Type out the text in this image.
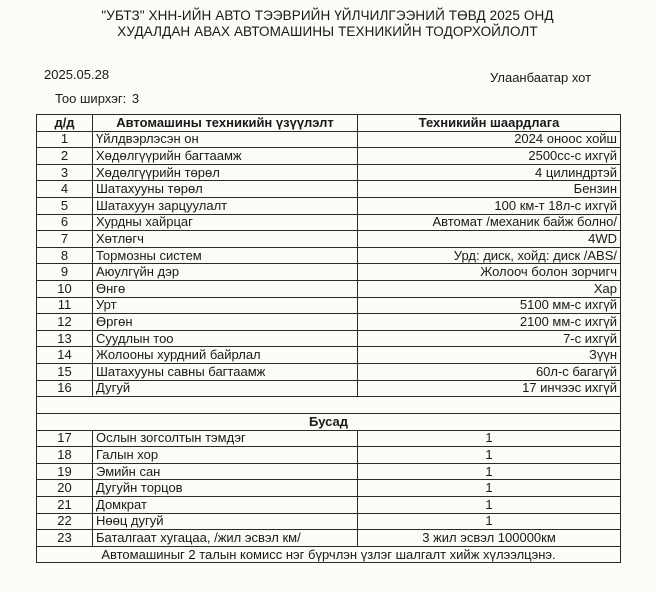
"УБТЗ" ХНН-ИЙН АВТО ТЭЭВРИЙН ҮЙЛЧИЛГЭЭНИЙ ТӨВД 2025 ОНД
ХУДАЛДАН АВАХ АВТОМАШИНЫ ТЕХНИКИЙН ТОДОРХОЙЛОЛТ
2025.05.28	Улаанбаатар хот
Тоо ширхэг: 3
д/д	Автомашины техникийн үзүүлэлт	Техникийн шаардлага
1	Үйлдвэрлэсэн он	2024 оноос хойш
2	Хөдөлгүүрийн багтаамж	2500сс-с ихгүй
3	Хөдөлгүүрийн төрөл	4 цилиндртэй
4	Шатахууны төрөл	Бензин
5	Шатахуун зарцуулалт	100 км-т 18л-с ихгүй
6	Хурдны хайрцаг	Автомат /механик байж болно/
7	Хөтлөгч	4WD
8	Тормозны систем	Урд: диск, хойд: диск /ABS/
9	Аюулгүйн дэр	Жолооч болон зорчигч
10	Өнгө	Хар
11	Урт	5100 мм-с ихгүй
12	Өргөн	2100 мм-с ихгүй
13	Суудлын тоо	7-с ихгүй
14	Жолооны хурдний байрлал	Зүүн
15	Шатахууны савны багтаамж	60л-с багагүй
16	Дугуй	17 инчээс ихгүй

Бусад		
17	Ослын зогсолтын тэмдэг	1
18	Галын хор	1
19	Эмийн сан	1
20	Дугуйн торцов	1
21	Домкрат	1
22	Нөөц дугуй	1
23	Баталгаат хугацаа, /жил эсвэл км/	3 жил эсвэл 100000км
Автомашиныг 2 талын комисс нэг бүрчлэн үзлэг шалгалт хийж хүлээлцэнэ.		
